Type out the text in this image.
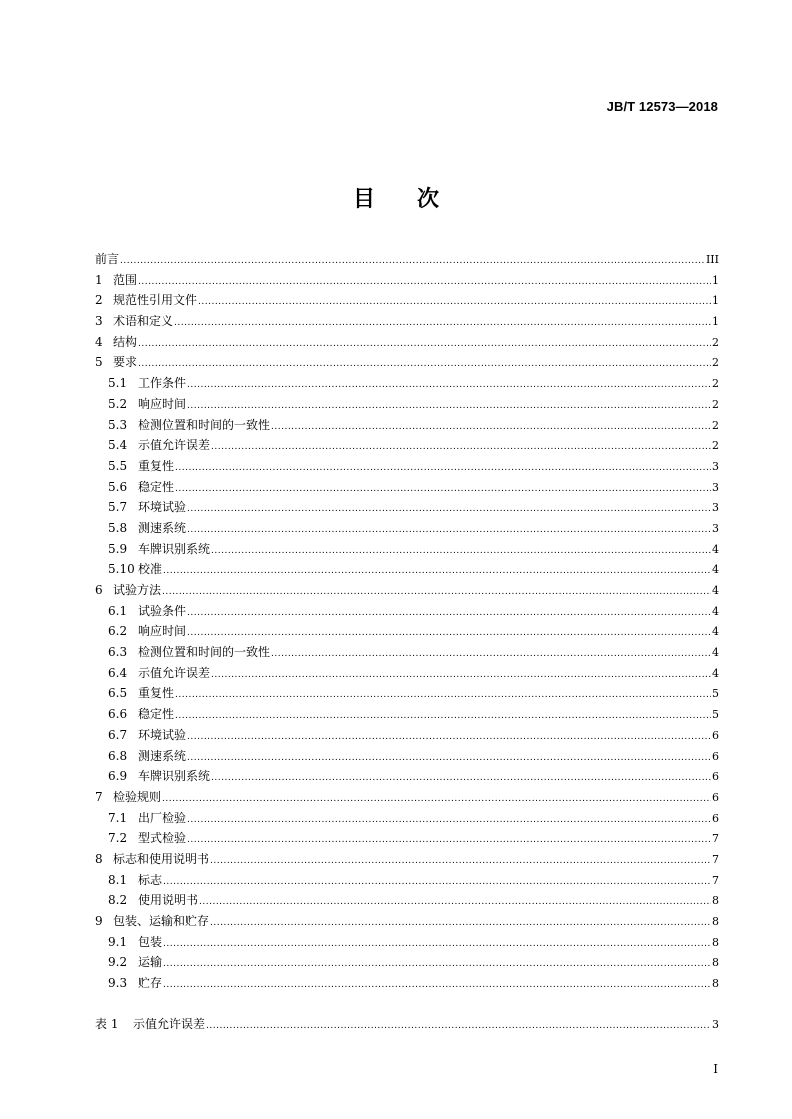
JB/T 12573—2018
目 次
前言 .....	III
1 范围 .....	1
2 规范性引用文件 .....	1
3 术语和定义 .....	1
4 结构 .....	2
5 要求 .....	2
5.1 工作条件 .....	2
5.2 响应时间 .....	2
5.3 检测位置和时间的一致性 .....	2
5.4 示值允许误差 .....	2
5.5 重复性 .....	3
5.6 稳定性 .....	3
5.7 环境试验 .....	3
5.8 测速系统 .....	3
5.9 车牌识别系统 .....	4
5.10 校准 .....	4
6 试验方法 .....	4
6.1 试验条件 .....	4
6.2 响应时间 .....	4
6.3 检测位置和时间的一致性 .....	4
6.4 示值允许误差 .....	4
6.5 重复性 .....	5
6.6 稳定性 .....	5
6.7 环境试验 .....	6
6.8 测速系统 .....	6
6.9 车牌识别系统 .....	6
7 检验规则 .....	6
7.1 出厂检验 .....	6
7.2 型式检验 .....	7
8 标志和使用说明书 .....	7
8.1 标志 .....	7
8.2 使用说明书 .....	8
9 包装、运输和贮存 .....	8
9.1 包装 .....	8
9.2 运输 .....	8
9.3 贮存 .....	8
表 1	示值允许误差 .....	3
I
